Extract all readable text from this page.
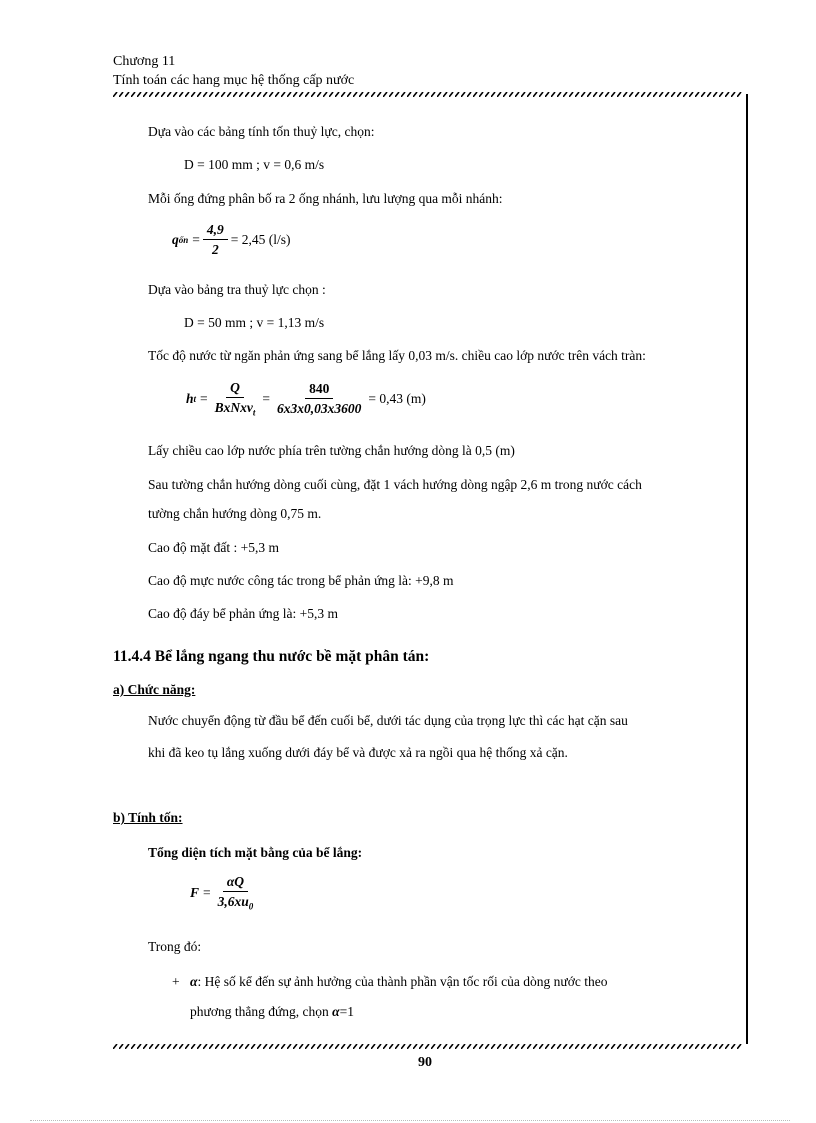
Chương 11
Tính toán các hang mục hệ thống cấp nước
Dựa vào các bảng tính tốn thuỷ lực, chọn:
D = 100 mm ; v = 0,6 m/s
Mỗi ống đứng phân bố ra 2 ống nhánh, lưu lượng qua mỗi nhánh:
q ốn = $\frac{4,9}{2} = 2,45$ (l/s)
Dựa vào bảng tra thuỷ lực chọn :
D = 50 mm ; v = 1,13 m/s
Tốc độ nước từ ngăn phản ứng sang bể lắng lấy 0,03 m/s. chiều cao lớp nước trên vách tràn:
h t =
Q
BxNxv$_t$
= $\frac{840}{6x3x0,03x3600} = 0,43$ (m)
Lấy chiều cao lớp nước phía trên tường chắn hướng dòng là 0,5 (m)
Sau tường chắn hướng dòng cuối cùng, đặt 1 vách hướng dòng ngập 2,6 m trong nước cách
tường chắn hướng dòng 0,75 m.
Cao độ mặt đất : +5,3 m
Cao độ mực nước công tác trong bể phản ứng là: +9,8 m
Cao độ đáy bể phản ứng là: +5,3 m
11.4.4 Bể lắng ngang thu nước bề mặt phân tán:
a) Chức năng:
Nước chuyển động từ đầu bể đến cuối bể, dưới tác dụng của trọng lực thì các hạt cặn sau
khi đã keo tụ lắng xuống dưới đáy bể và được xả ra ngồi qua hệ thống xả cặn.
b) Tính tốn:
Tổng diện tích mặt bằng của bể lắng:
$F = \frac{\alpha Q}{3,6xu_0}$
Trong đó:
+ α: Hệ số kể đến sự ảnh hưởng của thành phần vận tốc rối của dòng nước theo
phương thẳng đứng, chọn α=1
90
